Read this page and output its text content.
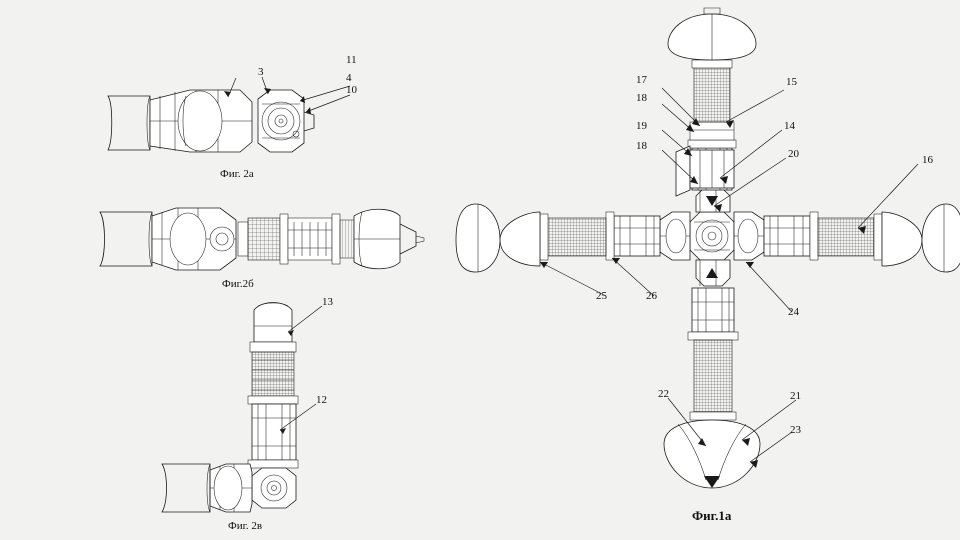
3
11
4
10
Фиг. 2а
Фиг.2б
13
12
Фиг. 2в
17
18
19
18
15
14
20	16
25	26
24
22	21
23
Фиг.1а
